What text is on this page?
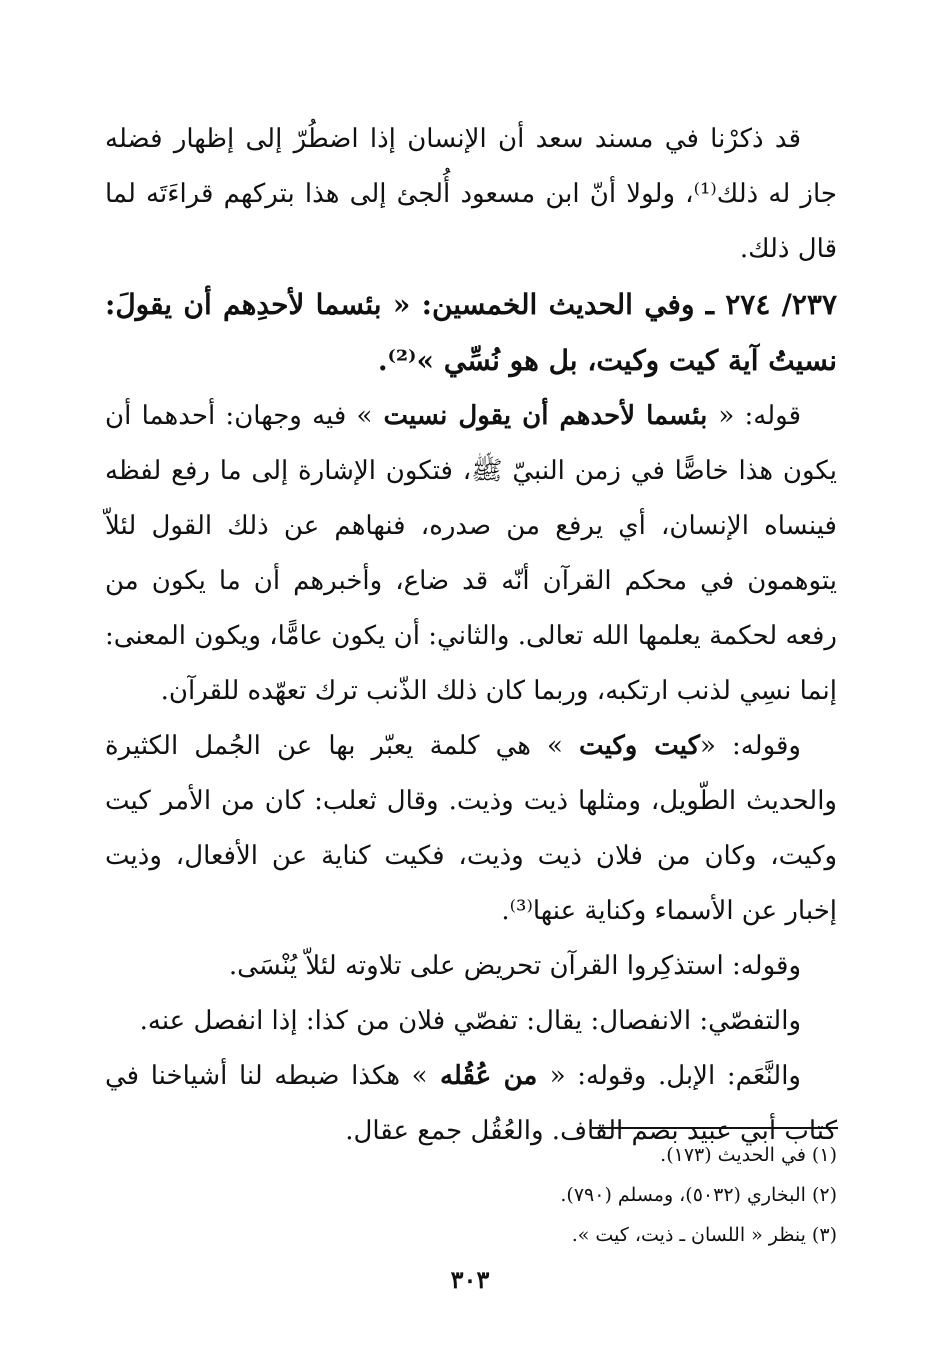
قد ذكرْنا في مسند سعد أن الإنسان إذا اضطُرّ إلى إظهار فضله جاز له ذلك⁽¹⁾، ولولا أنّ ابن مسعود أُلجئ إلى هذا بتركهم قراءَتَه لما قال ذلك.

٢٣٧/ ٢٧٤ ـ وفي الحديث الخمسين: « بئسما لأحدِهم أن يقولَ: نسيتُ آية كيت وكيت، بل هو نُسِّي »⁽²⁾.

قوله: « بئسما لأحدهم أن يقول نسيت » فيه وجهان: أحدهما أن يكون هذا خاصًّا في زمن النبيّ ﷺ، فتكون الإشارة إلى ما رفع لفظه فينساه الإنسان، أي يرفع من صدره، فنهاهم عن ذلك القول لئلاّ يتوهمون في محكم القرآن أنّه قد ضاع، وأخبرهم أن ما يكون من رفعه لحكمة يعلمها الله تعالى. والثاني: أن يكون عامًّا، ويكون المعنى: إنما نسِي لذنب ارتكبه، وربما كان ذلك الذّنب ترك تعهّده للقرآن.

وقوله: «كيت وكيت » هي كلمة يعبّر بها عن الجُمل الكثيرة والحديث الطّويل، ومثلها ذيت وذيت. وقال ثعلب: كان من الأمر كيت وكيت، وكان من فلان ذيت وذيت، فكيت كناية عن الأفعال، وذيت إخبار عن الأسماء وكناية عنها⁽³⁾.

وقوله: استذكِروا القرآن تحريض على تلاوته لئلاّ يُنْسَى.

والتفصّي: الانفصال: يقال: تفصّي فلان من كذا: إذا انفصل عنه.

والنَّعَم: الإبل. وقوله: « من عُقُله » هكذا ضبطه لنا أشياخنا في كتاب أبي عبيد بضم القاف. والعُقُل جمع عقال.

(١) في الحديث (١٧٣).

(٢) البخاري (٥٠٣٢)، ومسلم (٧٩٠).

(٣) ينظر « اللسان ـ ذيت، كيت ».

٣٠٣
